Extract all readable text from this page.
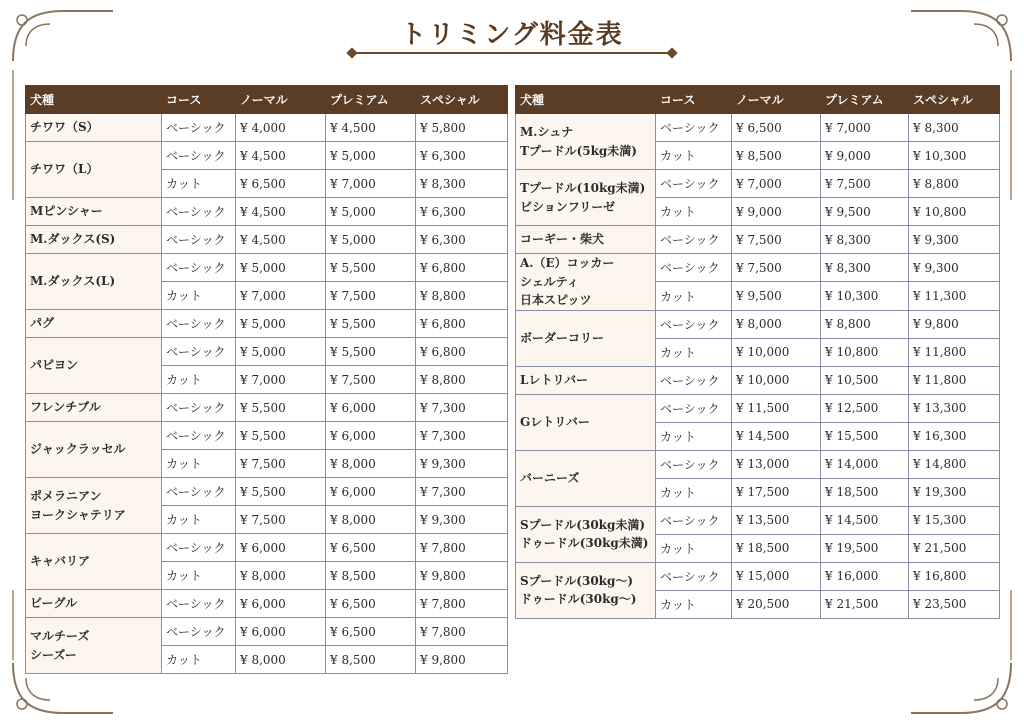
トリミング料金表
犬種	コース	ノーマル	プレミアム	スペシャル
チワワ（S）	ベーシック	¥ 4,000	¥ 4,500	¥ 5,800
チワワ（L）	ベーシック	¥ 4,500	¥ 5,000	¥ 6,300
	カット	¥ 6,500	¥ 7,000	¥ 8,300
Mピンシャー	ベーシック	¥ 4,500	¥ 5,000	¥ 6,300
M.ダックス(S)	ベーシック	¥ 4,500	¥ 5,000	¥ 6,300
M.ダックス(L)	ベーシック	¥ 5,000	¥ 5,500	¥ 6,800
	カット	¥ 7,000	¥ 7,500	¥ 8,800
パグ	ベーシック	¥ 5,000	¥ 5,500	¥ 6,800
パピヨン	ベーシック	¥ 5,000	¥ 5,500	¥ 6,800
	カット	¥ 7,000	¥ 7,500	¥ 8,800
フレンチブル	ベーシック	¥ 5,500	¥ 6,000	¥ 7,300
ジャックラッセル	ベーシック	¥ 5,500	¥ 6,000	¥ 7,300
	カット	¥ 7,500	¥ 8,000	¥ 9,300
ポメラニアン
ヨークシャテリア	ベーシック	¥ 5,500	¥ 6,000	¥ 7,300
	カット	¥ 7,500	¥ 8,000	¥ 9,300
キャバリア	ベーシック	¥ 6,000	¥ 6,500	¥ 7,800
	カット	¥ 8,000	¥ 8,500	¥ 9,800
ビーグル	ベーシック	¥ 6,000	¥ 6,500	¥ 7,800
マルチーズ
シーズー	ベーシック	¥ 6,000	¥ 6,500	¥ 7,800
	カット	¥ 8,000	¥ 8,500	¥ 9,800
犬種	コース	ノーマル	プレミアム	スペシャル
M.シュナ
Tプードル(5kg未満)	ベーシック	¥ 6,500	¥ 7,000	¥ 8,300
	カット	¥ 8,500	¥ 9,000	¥ 10,300
Tプードル(10kg未満)
ビションフリーゼ	ベーシック	¥ 7,000	¥ 7,500	¥ 8,800
	カット	¥ 9,000	¥ 9,500	¥ 10,800
コーギー・柴犬	ベーシック	¥ 7,500	¥ 8,300	¥ 9,300
A.（E）コッカー
シェルティ
日本スピッツ	ベーシック	¥ 7,500	¥ 8,300	¥ 9,300
	カット	¥ 9,500	¥ 10,300	¥ 11,300
ボーダーコリー	ベーシック	¥ 8,000	¥ 8,800	¥ 9,800
	カット	¥ 10,000	¥ 10,800	¥ 11,800
Lレトリバー	ベーシック	¥ 10,000	¥ 10,500	¥ 11,800
Gレトリバー	ベーシック	¥ 11,500	¥ 12,500	¥ 13,300
	カット	¥ 14,500	¥ 15,500	¥ 16,300
バーニーズ	ベーシック	¥ 13,000	¥ 14,000	¥ 14,800
	カット	¥ 17,500	¥ 18,500	¥ 19,300
Sプードル(30kg未満)
ドゥードル(30kg未満)	ベーシック	¥ 13,500	¥ 14,500	¥ 15,300
	カット	¥ 18,500	¥ 19,500	¥ 21,500
Sプードル(30kg〜)
ドゥードル(30kg〜)	ベーシック	¥ 15,000	¥ 16,000	¥ 16,800
	カット	¥ 20,500	¥ 21,500	¥ 23,500
